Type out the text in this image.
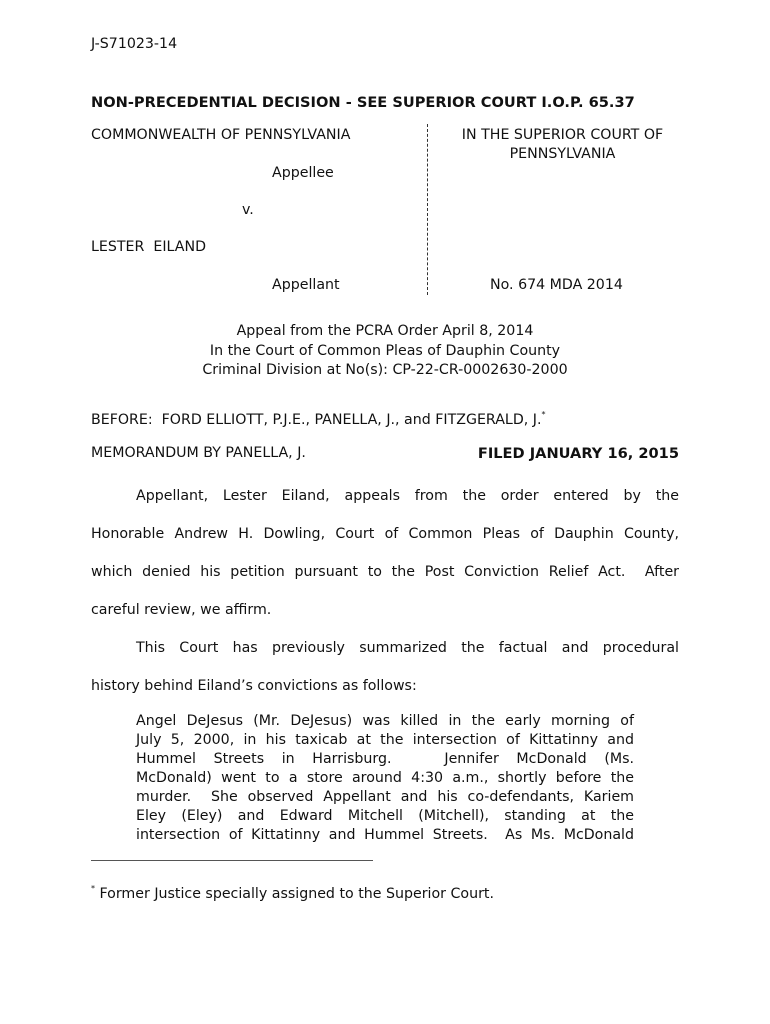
J-S71023-14
NON-PRECEDENTIAL DECISION - SEE SUPERIOR COURT I.O.P. 65.37
COMMONWEALTH OF PENNSYLVANIA
Appellee
v.
LESTER  EILAND
Appellant
IN THE SUPERIOR COURT OF
PENNSYLVANIA
No. 674 MDA 2014
Appeal from the PCRA Order April 8, 2014
In the Court of Common Pleas of Dauphin County
Criminal Division at No(s): CP-22-CR-0002630-2000
BEFORE:  FORD ELLIOTT, P.J.E., PANELLA, J., and FITZGERALD, J.*
MEMORANDUM BY PANELLA, J.	FILED JANUARY 16, 2015
Appellant, Lester Eiland, appeals from the order entered by the
Honorable Andrew H. Dowling, Court of Common Pleas of Dauphin County,
which denied his petition pursuant to the Post Conviction Relief Act.  After
careful review, we affirm.
This Court has previously summarized the factual and procedural
history behind Eiland’s convictions as follows:
Angel DeJesus (Mr. DeJesus) was killed in the early morning of
July 5, 2000, in his taxicab at the intersection of Kittatinny and
Hummel Streets in Harrisburg.   Jennifer McDonald (Ms.
McDonald) went to a store around 4:30 a.m., shortly before the
murder.  She observed Appellant and his co-defendants, Kariem
Eley (Eley) and Edward Mitchell (Mitchell), standing at the
intersection of Kittatinny and Hummel Streets.  As Ms. McDonald
* Former Justice specially assigned to the Superior Court.
